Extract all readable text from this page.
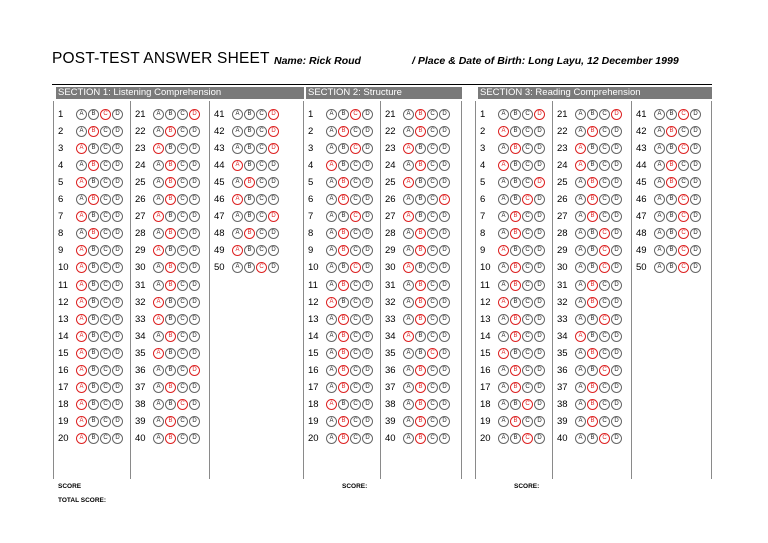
POST-TEST ANSWER SHEET Name: Rick Roud	/ Place & Date of Birth: Long Layu, 12 December 1999
SECTION 1: Listening Comprehension
1	A	B	C	D
2	A	B	C	D
3	A	B	C	D
4	A	B	C	D
5	A	B	C	D
6	A	B	C	D
7	A	B	C	D
8	A	B	C	D
9	A	B	C	D
10	A	B	C	D
11	A	B	C	D
12	A	B	C	D
13	A	B	C	D
14	A	B	C	D
15	A	B	C	D
16	A	B	C	D
17	A	B	C	D
18	A	B	C	D
19	A	B	C	D
20	A	B	C	D
21	A	B	C	D
22	A	B	C	D
23	A	B	C	D
24	A	B	C	D
25	A	B	C	D
26	A	B	C	D
27	A	B	C	D
28	A	B	C	D
29	A	B	C	D
30	A	B	C	D
31	A	B	C	D
32	A	B	C	D
33	A	B	C	D
34	A	B	C	D
35	A	B	C	D
36	A	B	C	D
37	A	B	C	D
38	A	B	C	D
39	A	B	C	D
40	A	B	C	D
41	A	B	C	D
42	A	B	C	D
43	A	B	C	D
44	A	B	C	D
45	A	B	C	D
46	A	B	C	D
47	A	B	C	D
48	A	B	C	D
49	A	B	C	D
50	A	B	C	D
SECTION 2: Structure
1	A	B	C	D
2	A	B	C	D
3	A	B	C	D
4	A	B	C	D
5	A	B	C	D
6	A	B	C	D
7	A	B	C	D
8	A	B	C	D
9	A	B	C	D
10	A	B	C	D
11	A	B	C	D
12	A	B	C	D
13	A	B	C	D
14	A	B	C	D
15	A	B	C	D
16	A	B	C	D
17	A	B	C	D
18	A	B	C	D
19	A	B	C	D
20	A	B	C	D
21	A	B	C	D
22	A	B	C	D
23	A	B	C	D
24	A	B	C	D
25	A	B	C	D
26	A	B	C	D
27	A	B	C	D
28	A	B	C	D
29	A	B	C	D
30	A	B	C	D
31	A	B	C	D
32	A	B	C	D
33	A	B	C	D
34	A	B	C	D
35	A	B	C	D
36	A	B	C	D
37	A	B	C	D
38	A	B	C	D
39	A	B	C	D
40	A	B	C	D
SECTION 3: Reading Comprehension
1	A	B	C	D
2	A	B	C	D
3	A	B	C	D
4	A	B	C	D
5	A	B	C	D
6	A	B	C	D
7	A	B	C	D
8	A	B	C	D
9	A	B	C	D
10	A	B	C	D
11	A	B	C	D
12	A	B	C	D
13	A	B	C	D
14	A	B	C	D
15	A	B	C	D
16	A	B	C	D
17	A	B	C	D
18	A	B	C	D
19	A	B	C	D
20	A	B	C	D
21	A	B	C	D
22	A	B	C	D
23	A	B	C	D
24	A	B	C	D
25	A	B	C	D
26	A	B	C	D
27	A	B	C	D
28	A	B	C	D
29	A	B	C	D
30	A	B	C	D
31	A	B	C	D
32	A	B	C	D
33	A	B	C	D
34	A	B	C	D
35	A	B	C	D
36	A	B	C	D
37	A	B	C	D
38	A	B	C	D
39	A	B	C	D
40	A	B	C	D
41	A	B	C	D
42	A	B	C	D
43	A	B	C	D
44	A	B	C	D
45	A	B	C	D
46	A	B	C	D
47	A	B	C	D
48	A	B	C	D
49	A	B	C	D
50	A	B	C	D
SCORE	SCORE:	SCORE:
TOTAL SCORE:
